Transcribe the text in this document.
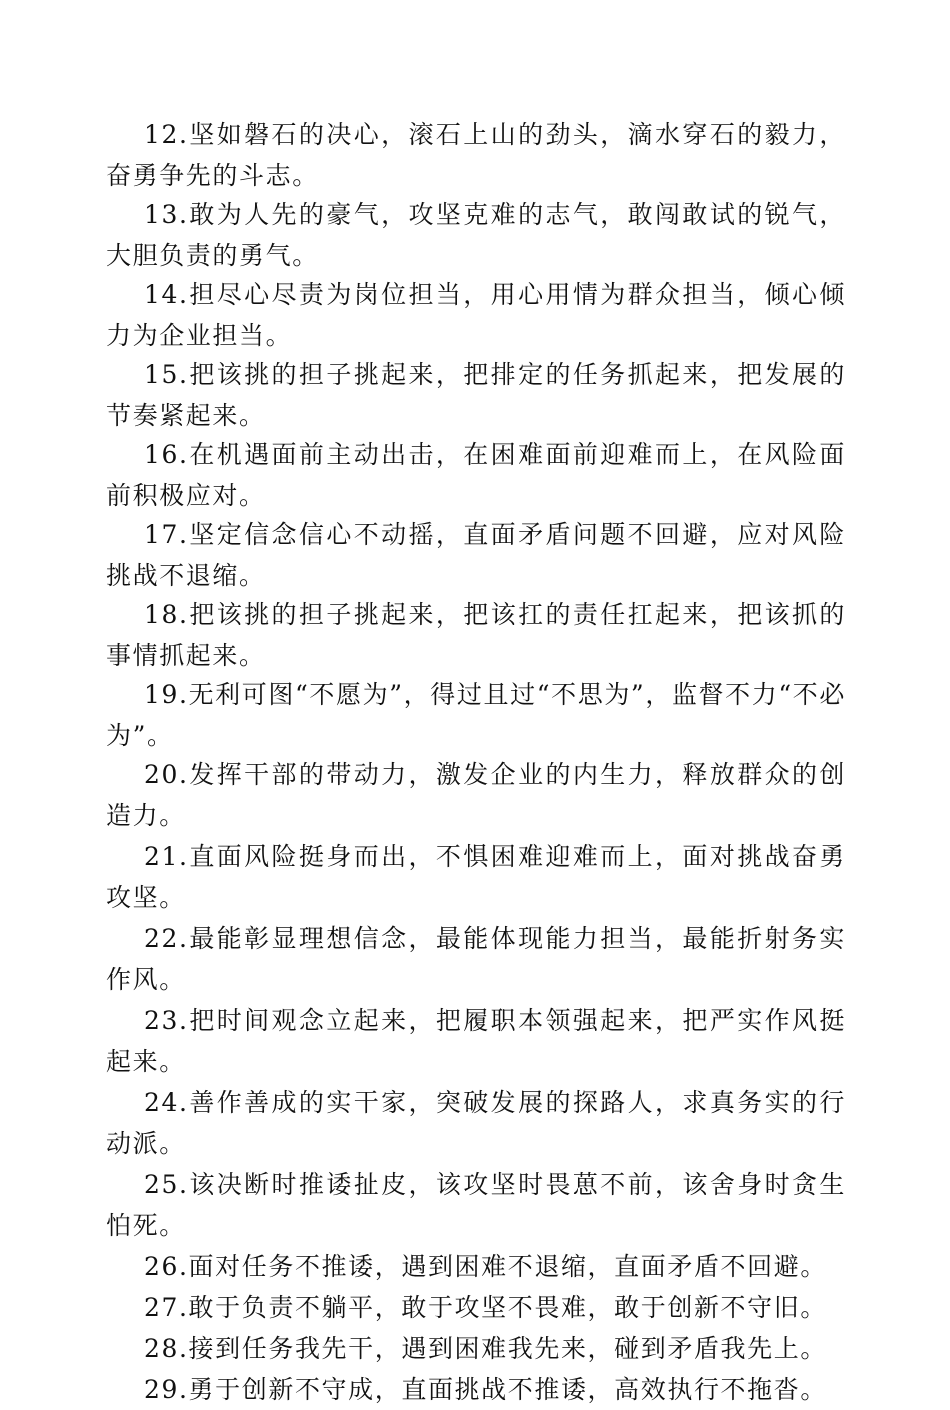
12.坚如磐石的决心，滚石上山的劲头，滴水穿石的毅力，奋勇争先的斗志。

13.敢为人先的豪气，攻坚克难的志气，敢闯敢试的锐气，大胆负责的勇气。

14.担尽心尽责为岗位担当，用心用情为群众担当，倾心倾力为企业担当。

15.把该挑的担子挑起来，把排定的任务抓起来，把发展的节奏紧起来。

16.在机遇面前主动出击，在困难面前迎难而上，在风险面前积极应对。

17.坚定信念信心不动摇，直面矛盾问题不回避，应对风险挑战不退缩。

18.把该挑的担子挑起来，把该扛的责任扛起来，把该抓的事情抓起来。

19.无利可图“不愿为”，得过且过“不思为”，监督不力“不必为”。

20.发挥干部的带动力，激发企业的内生力，释放群众的创造力。

21.直面风险挺身而出，不惧困难迎难而上，面对挑战奋勇攻坚。

22.最能彰显理想信念，最能体现能力担当，最能折射务实作风。

23.把时间观念立起来，把履职本领强起来，把严实作风挺起来。

24.善作善成的实干家，突破发展的探路人，求真务实的行动派。

25.该决断时推诿扯皮，该攻坚时畏葸不前，该舍身时贪生怕死。

26.面对任务不推诿，遇到困难不退缩，直面矛盾不回避。

27.敢于负责不躺平，敢于攻坚不畏难，敢于创新不守旧。

28.接到任务我先干，遇到困难我先来，碰到矛盾我先上。

29.勇于创新不守成，直面挑战不推诿，高效执行不拖沓。
